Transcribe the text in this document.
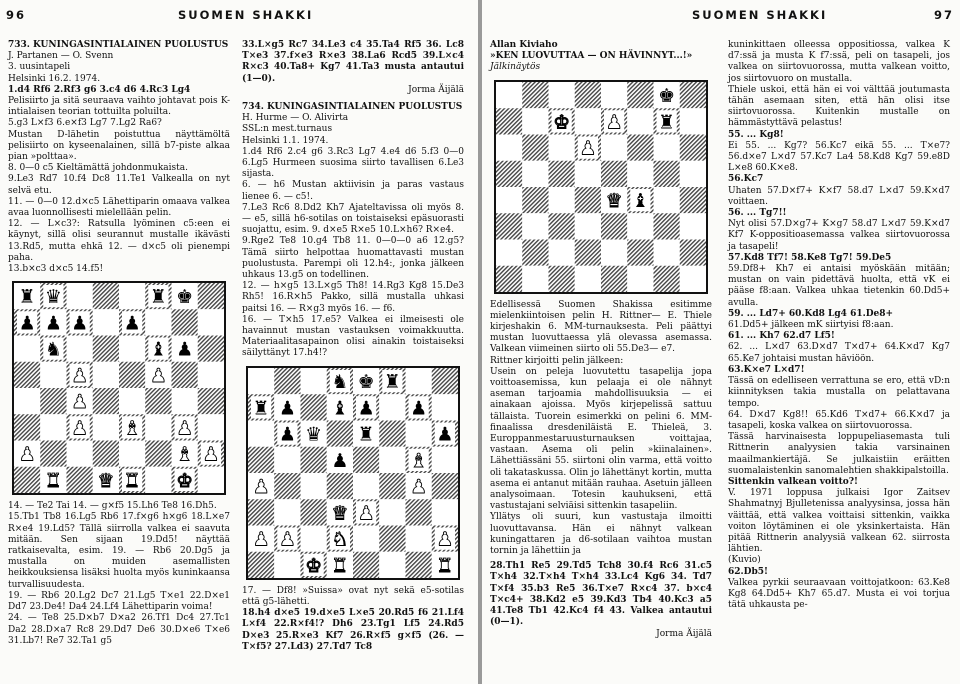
96	SUOMEN SHAKKI

733. KUNINGASINTIALAINEN PUOLUSTUS

J. Partanen — O. Svenn

3. uusintapeli

Helsinki 16.2. 1974.

1.d4 Rf6 2.Rf3 g6 3.c4 d6 4.Rc3 Lg4

Pelisiirto ja sitä seuraava vaihto johtavat pois K-intialaisen teorian tottuilta poluilta.

5.g3 L×f3 6.e×f3 Lg7 7.Lg2 Ra6?

Mustan D-lähetin poistuttua näyttämöltä pelisiirto on kyseenalainen, sillä b7-piste alkaa pian »polttaa».

8. 0—0 c5 Kieltämättä johdonmukaista.

9.Le3 Rd7 10.f4 Dc8 11.Te1 Valkealla on nyt selvä etu.

11. — 0—0 12.d×c5 Lähettiparin omaava valkea avaa luonnollisesti mielellään pelin.

12. — L×c3?: Ratsulla lyöminen c5:een ei käynyt, sillä olisi seurannut mustalle ikävästi 13.Rd5, mutta ehkä 12. — d×c5 oli pienempi paha.

13.b×c3 d×c5 14.f5!

♜ ♛	♜ ♚
♟ ♟ ♟ ♟
♞	♝ ♟
♟	♟
♟
♟ ♝ ♟
♟	♝ ♟
♜ ♛ ♜ ♚

14. — Te2 Tai 14. — g×f5 15.Lh6 Te8 16.Dh5.

15.Tb1 Tb8 16.Lg5 Rb6 17.f×g6 h×g6 18.L×e7 R×e4 19.Ld5? Tällä siirrolla valkea ei saavuta mitään. Sen sijaan 19.Dd5! näyttää ratkaisevalta, esim. 19. — Rb6 20.Dg5 ja mustalla on muiden asemallisten heikkouksiensa lisäksi huolta myös kuninkaansa turvallisuudesta.

19. — Rb6 20.Lg2 Dc7 21.Lg5 T×e1 22.D×e1 Dd7 23.De4! Da4 24.Lf4 Lähettiparin voima!

24. — Te8 25.D×b7 D×a2 26.Tf1 Dc4 27.Tc1 Da2 28.D×a7 Rc8 29.Dd7 De6 30.D×e6 T×e6 31.Lb7! Re7 32.Ta1 g5

33.L×g5 Rc7 34.Le3 c4 35.Ta4 Rf5 36. Lc8 T×e3 37.f×e3 R×e3 38.La6 Rcd5 39.L×c4 R×c3 40.Ta8+ Kg7 41.Ta3 musta antautui (1—0).

Jorma Äijälä

734. KUNINGASINTIALAINEN PUOLUSTUS

H. Hurme — O. Alivirta

SSL:n mest.turnaus

Helsinki 1.1. 1974.

1.d4 Rf6 2.c4 g6 3.Rc3 Lg7 4.e4 d6 5.f3 0—0 6.Lg5 Hurmeen suosima siirto tavallisen 6.Le3 sijasta.

6. — h6 Mustan aktiivisin ja paras vastaus lienee 6. — c5!.

7.Le3 Rc6 8.Dd2 Kh7 Ajateltavissa oli myös 8. — e5, sillä h6-sotilas on toistaiseksi epäsuorasti suojattu, esim. 9. d×e5 R×e5 10.L×h6? R×e4.

9.Rge2 Te8 10.g4 Tb8 11. 0—0—0 a6 12.g5? Tämä siirto helpottaa huomattavasti mustan puolustusta. Parempi oli 12.h4:, jonka jälkeen uhkaus 13.g5 on todellinen.

12. — h×g5 13.L×g5 Th8! 14.Rg3 Kg8 15.De3 Rh5! 16.R×h5 Pakko, sillä mustalla uhkasi paitsi 16. — R×g3 myös 16. — f6.

16. — T×h5 17.e5? Valkea ei ilmeisesti ole havainnut mustan vastauksen voimakkuutta. Materiaalitasapainon olisi ainakin toistaiseksi säilyttänyt 17.h4!?

♞ ♚ ♜
♜ ♟ ♝ ♟ ♟
♟ ♛ ♜	♟
♟	♝
♟	♟
♛ ♟
♟ ♟ ♞	♟
♚ ♜	♜

17. — Df8! »Suissa» ovat nyt sekä e5-sotilas että g5-lähetti.

18.h4 d×e5 19.d×e5 L×e5 20.Rd5 f6 21.Lf4 L×f4 22.R×f4!? Dh6 23.Tg1 Lf5 24.Rd5 D×e3 25.R×e3 Kf7 26.R×f5 g×f5 (26. — T×f5? 27.Ld3) 27.Td7 Tc8

SUOMEN SHAKKI	97

Allan Kiviaho

»KEN LUOVUTTAA — ON HÄVINNYT...!»

Jälkinäytös

♚
♚ ♟ ♜
♟
♛ ♝

Edellisessä Suomen Shakissa esitimme mielenkiintoisen pelin H. Rittner— E. Thiele kirjeshakin 6. MM-turnauksesta. Peli päättyi mustan luovuttaessa ylä olevassa asemassa. Valkean viimeinen siirto oli 55.De3— e7.

Rittner kirjoitti pelin jälkeen:

Usein on peleja luovutettu tasapelija jopa voittoasemissa, kun pelaaja ei ole nähnyt aseman tarjoamia mahdollisuuksia — ei ainakaan ajoissa. Myös kirjepelissä sattuu tällaista. Tuorein esimerkki on pelini 6. MM-finaalissa dresdeniläistä E. Thieleä, 3. Europpanmestaruusturnauksen voittajaa, vastaan. Asema oli pelin »kiinalainen». Lähettiässäni 55. siirtoni olin varma, että voitto oli takataskussa. Olin jo lähettänyt kortin, mutta asema ei antanut mitään rauhaa. Asetuin jälleen analysoimaan. Totesin kauhukseni, että vastustajani selviäisi sittenkin tasapeliin.

Yllätys oli suuri, kun vastustaja ilmoitti luovuttavansa. Hän ei nähnyt valkean kuningattaren ja d6-sotilaan vaihtoa mustan tornin ja lähettiin ja

28.Th1 Re5 29.Td5 Tch8 30.f4 Rc6 31.c5 T×h4 32.T×h4 T×h4 33.Lc4 Kg6 34. Td7 T×f4 35.b3 Re5 36.T×e7 R×c4 37. b×c4 T×c4+ 38.Kd2 e5 39.Kd3 Tb4 40.Kc3 a5 41.Te8 Tb1 42.Kc4 f4 43. Valkea antautui (0—1).

Jorma Äijälä

kuninkittaen olleessa oppositiossa, valkea K d7:ssä ja musta K f7:ssä, peli on tasapeli, jos valkea on siirtovuorossa, mutta valkean voitto, jos siirtovuoro on mustalla.

Thiele uskoi, että hän ei voi välttää joutumasta tähän asemaan siten, että hän olisi itse siirtovuorossa. Kuitenkin mustalle on hämmästyttävä pelastus!

55. ... Kg8!

Ei 55. ... Kg7? 56.Kc7 eikä 55. ... T×e7? 56.d×e7 L×d7 57.Kc7 La4 58.Kd8 Kg7 59.e8D L×e8 60.K×e8.

56.Kc7

Uhaten 57.D×f7+ K×f7 58.d7 L×d7 59.K×d7 voittaen.

56. ... Tg7!!

Nyt olisi 57.D×g7+ K×g7 58.d7 L×d7 59.K×d7 Kf7 K-oppositioasemassa valkea siirtovuorossa ja tasapeli!

57.Kd8 Tf7! 58.Ke8 Tg7! 59.De5

59.Df8+ Kh7 ei antaisi myöskään mitään; mustan on vain pidettävä huolta, että vK ei pääse f8:aan. Valkea uhkaa tietenkin 60.Dd5+ avulla.

59. ... Ld7+ 60.Kd8 Lg4 61.De8+

61.Dd5+ jälkeen mK siirtyisi f8:aan.

61. ... Kh7 62.d7 Lf5!

62. ... L×d7 63.D×d7 T×d7+ 64.K×d7 Kg7 65.Ke7 johtaisi mustan häviöön.

63.K×e7 L×d7!

Tässä on edelliseen verrattuna se ero, että vD:n kiinnityksen takia mustalla on pelattavana tempo.

64. D×d7 Kg8!! 65.Kd6 T×d7+ 66.K×d7 ja tasapeli, koska valkea on siirtovuorossa.

Tässä harvinaisesta loppupeliasemasta tuli Rittnerin analyysien takia varsinainen maailmankiertäjä. Se julkaistiin eräitten suomalaistenkin sanomalehtien shakkipalstoilla.

Sittenkin valkean voitto?!

V. 1971 loppusa julkaisi Igor Zaitsev Shahmatnyj Bjulletenissa analyysinsa, jossa hän väittää, että valkea voittaisi sittenkin, vaikka voiton löytäminen ei ole yksinkertaista. Hän pitää Rittnerin analyysiä valkean 62. siirrosta lähtien.

(Kuvio)

62.Db5!

Valkea pyrkii seuraavaan voittojatkoon: 63.Ke8 Kg8 64.Dd5+ Kh7 65.d7. Musta ei voi torjua tätä uhkausta pe-
